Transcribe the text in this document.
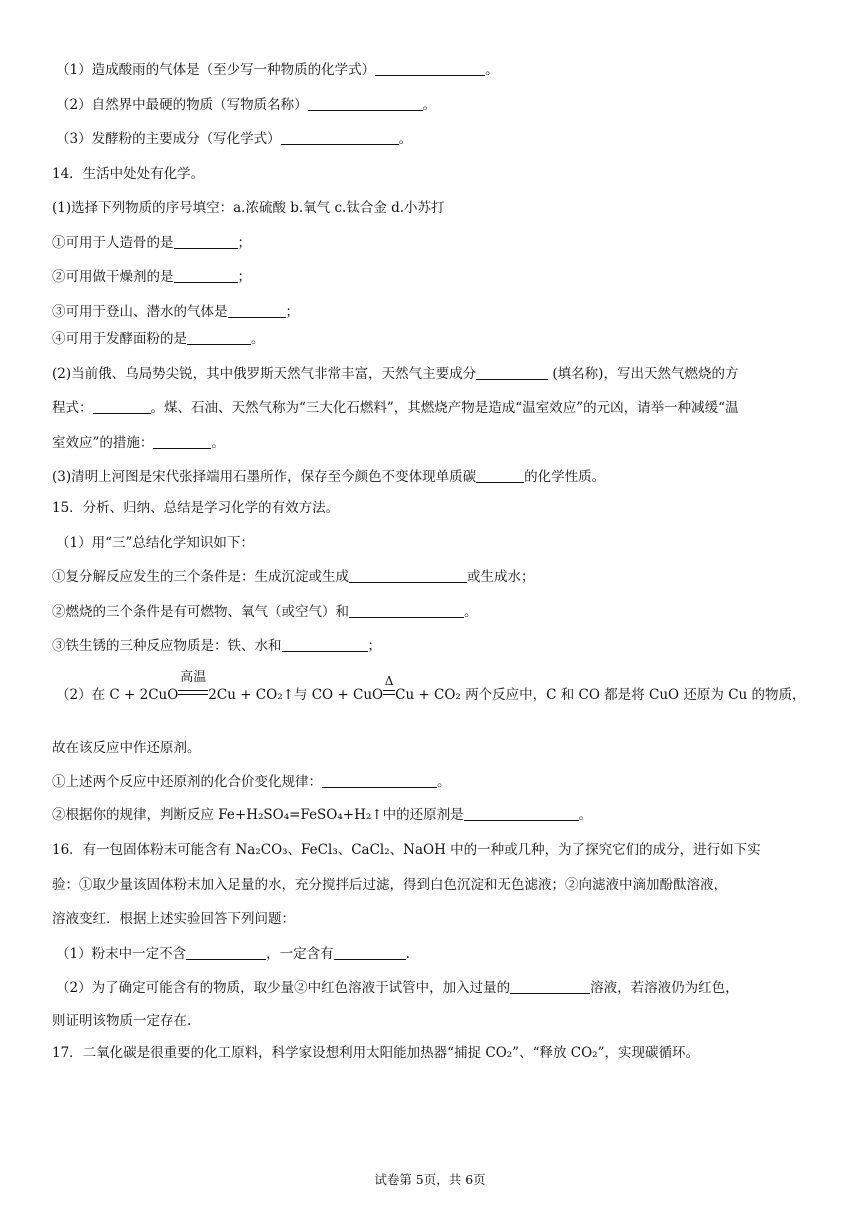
（1）造成酸雨的气体是（至少写一种物质的化学式）	。
（2）自然界中最硬的物质（写物质名称）	。
（3）发酵粉的主要成分（写化学式）	。
14．生活中处处有化学。
(1)选择下列物质的序号填空：a.浓硫酸 b.氧气 c.钛合金 d.小苏打
①可用于人造骨的是	；
②可用做干燥剂的是	；
③可用于登山、潜水的气体是	；
④可用于发酵面粉的是	。
(2)当前俄、乌局势尖锐，其中俄罗斯天然气非常丰富，天然气主要成分	(填名称)，写出天然气燃烧的方
程式：	。煤、石油、天然气称为“三大化石燃料”，其燃烧产物是造成“温室效应”的元凶，请举一种减缓“温
室效应”的措施：	。
(3)清明上河图是宋代张择端用石墨所作，保存至今颜色不变体现单质碳	的化学性质。
15．分析、归纳、总结是学习化学的有效方法。
（1）用“三”总结化学知识如下：
①复分解反应发生的三个条件是：生成沉淀或生成	或生成水；
②燃烧的三个条件是有可燃物、氧气（或空气）和	。
③铁生锈的三种反应物质是：铁、水和	；
（2）在 C + 2CuO
高温
2Cu + CO₂↑与 CO + CuO
Δ
Cu + CO₂ 两个反应中，C 和 CO 都是将 CuO 还原为 Cu 的物质，
故在该反应中作还原剂。
①上述两个反应中还原剂的化合价变化规律：	。
②根据你的规律，判断反应 Fe+H₂SO₄=FeSO₄+H₂↑中的还原剂是	。
16．有一包固体粉末可能含有 Na₂CO₃、FeCl₃、CaCl₂、NaOH 中的一种或几种，为了探究它们的成分，进行如下实
验：①取少量该固体粉末加入足量的水，充分搅拌后过滤，得到白色沉淀和无色滤液；②向滤液中滴加酚酞溶液，
溶液变红．根据上述实验回答下列问题：
（1）粉末中一定不含	，一定含有	.
（2）为了确定可能含有的物质，取少量②中红色溶液于试管中，加入过量的	溶液，若溶液仍为红色，
则证明该物质一定存在.
17．二氧化碳是很重要的化工原料，科学家设想利用太阳能加热器“捕捉 CO₂”、“释放 CO₂”，实现碳循环。
试卷第 5页，共 6页
